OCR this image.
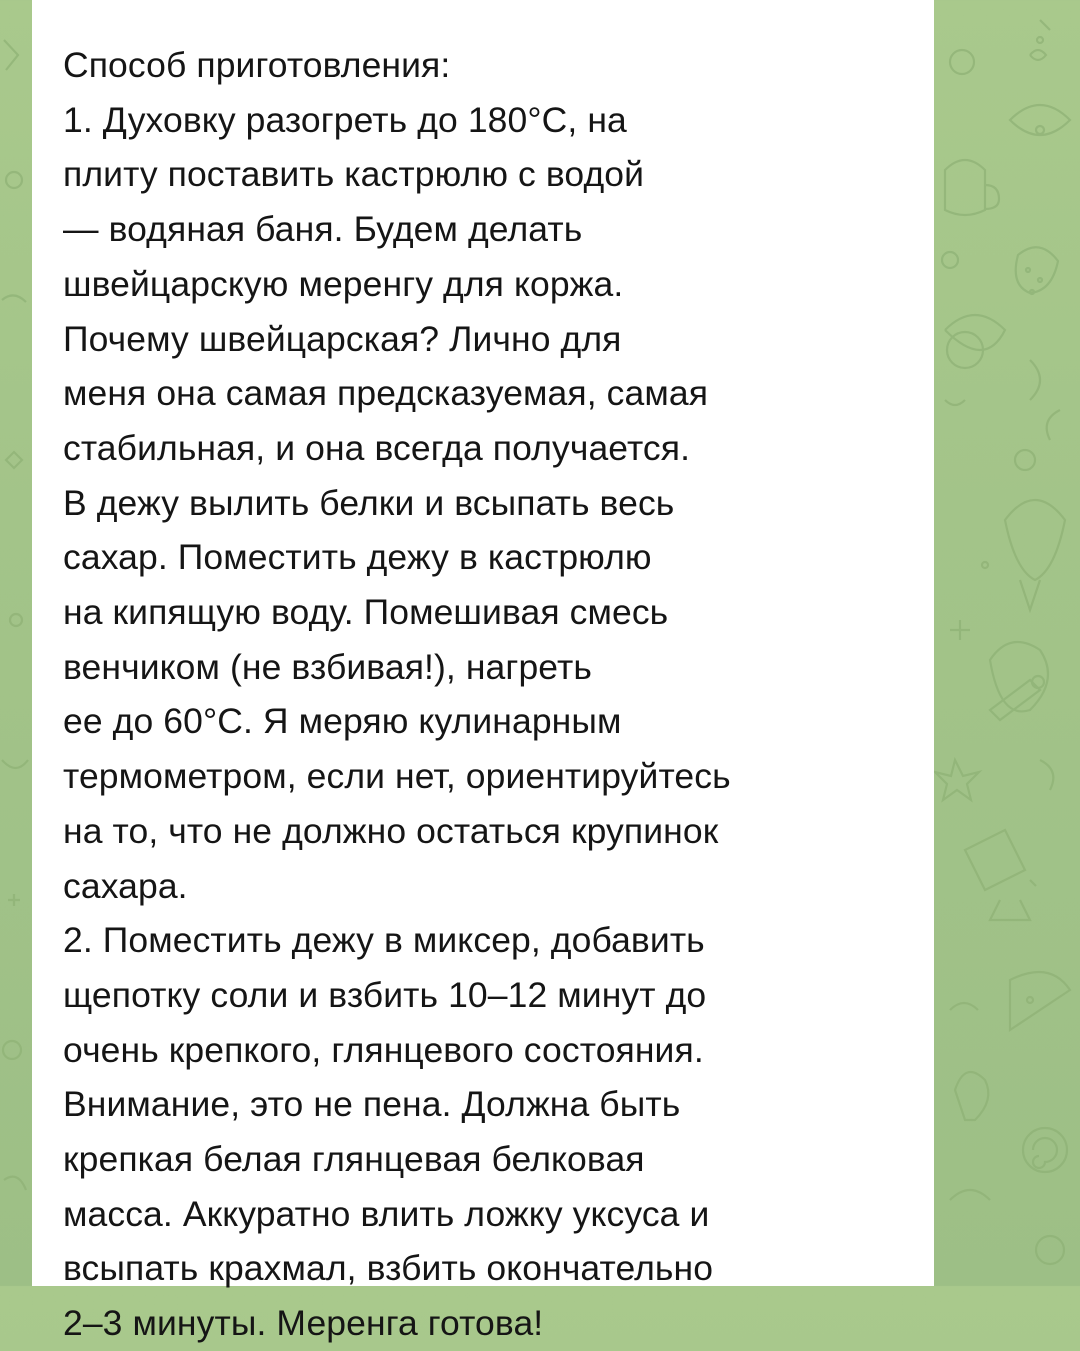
Способ приготовления:
1. Духовку разогреть до 180°С, на
плиту поставить кастрюлю с водой
— водяная баня. Будем делать
швейцарскую меренгу для коржа.
Почему швейцарская? Лично для
меня она самая предсказуемая, самая
стабильная, и она всегда получается.
В дежу вылить белки и всыпать весь
сахар. Поместить дежу в кастрюлю
на кипящую воду. Помешивая смесь
венчиком (не взбивая!), нагреть
ее до 60°С. Я меряю кулинарным
термометром, если нет, ориентируйтесь
на то, что не должно остаться крупинок
сахара.
2. Поместить дежу в миксер, добавить
щепотку соли и взбить 10–12 минут до
очень крепкого, глянцевого состояния.
Внимание, это не пена. Должна быть
крепкая белая глянцевая белковая
масса. Аккуратно влить ложку уксуса и
всыпать крахмал, взбить окончательно
2–3 минуты. Меренга готова!
